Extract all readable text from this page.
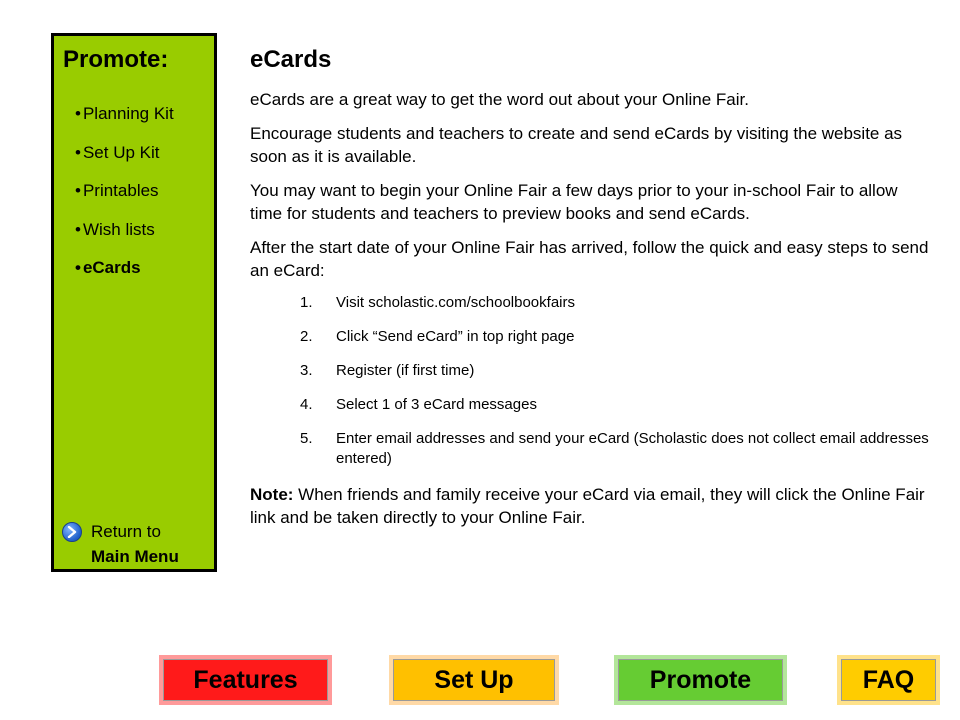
Promote:
• Planning Kit
• Set Up Kit
• Printables
• Wish lists
• eCards
Return to
Main Menu
eCards

eCards are a great way to get the word out about your Online Fair.

Encourage students and teachers to create and send eCards by visiting the website as soon as it is available.

You may want to begin your Online Fair a few days prior to your in-school Fair to allow time for students and teachers to preview books and send eCards.

After the start date of your Online Fair has arrived, follow the quick and easy steps to send an eCard:

1. Visit scholastic.com/schoolbookfairs
2. Click “Send eCard” in top right page
3. Register (if first time)
4. Select 1 of 3 eCard messages
5. Enter email addresses and send your eCard (Scholastic does not collect email addresses entered)

Note: When friends and family receive your eCard via email, they will click the Online Fair link and be taken directly to your Online Fair.

Features	Set Up	Promote	FAQ
